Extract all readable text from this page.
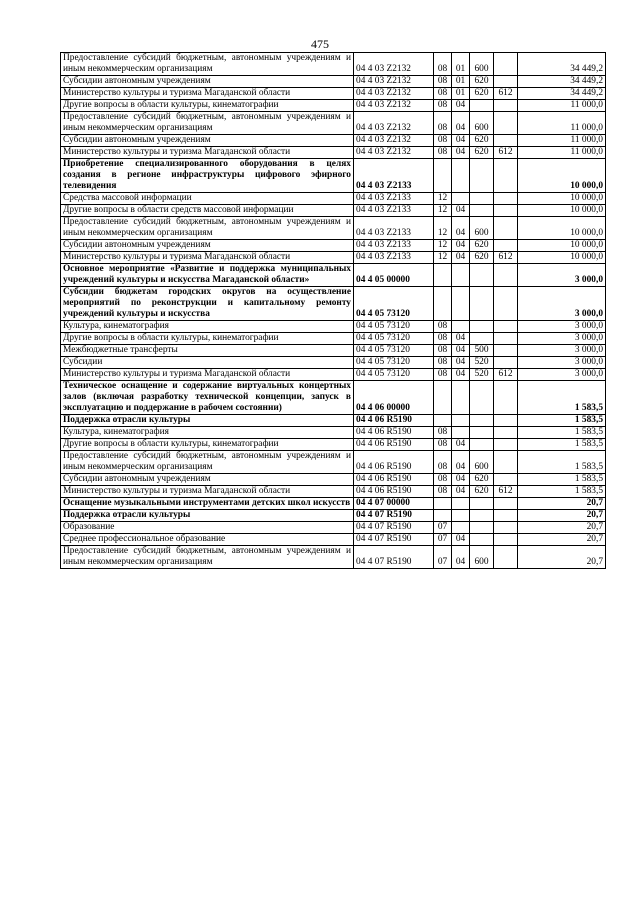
475
Предоставление субсидий бюджетным, автономным учреждениям и иным некоммерческим организациям	04 4 03 Z2132	08	01	600		34 449,2
Субсидии автономным учреждениям	04 4 03 Z2132	08	01	620		34 449,2
Министерство культуры и туризма Магаданской области	04 4 03 Z2132	08	01	620	612	34 449,2
Другие вопросы в области культуры, кинематографии	04 4 03 Z2132	08	04			11 000,0
Предоставление субсидий бюджетным, автономным учреждениям и иным некоммерческим организациям	04 4 03 Z2132	08	04	600		11 000,0
Субсидии автономным учреждениям	04 4 03 Z2132	08	04	620		11 000,0
Министерство культуры и туризма Магаданской области	04 4 03 Z2132	08	04	620	612	11 000,0
Приобретение специализированного оборудования в целях создания в регионе инфраструктуры цифрового эфирного телевидения	04 4 03 Z2133					10 000,0
Средства массовой информации	04 4 03 Z2133	12				10 000,0
Другие вопросы в области средств массовой информации	04 4 03 Z2133	12	04			10 000,0
Предоставление субсидий бюджетным, автономным учреждениям и иным некоммерческим организациям	04 4 03 Z2133	12	04	600		10 000,0
Субсидии автономным учреждениям	04 4 03 Z2133	12	04	620		10 000,0
Министерство культуры и туризма Магаданской области	04 4 03 Z2133	12	04	620	612	10 000,0
Основное мероприятие «Развитие и поддержка муниципальных учреждений культуры и искусства Магаданской области»	04 4 05 00000					3 000,0
Субсидии бюджетам городских округов на осуществление мероприятий по реконструкции и капитальному ремонту учреждений культуры и искусства	04 4 05 73120					3 000,0
Культура, кинематография	04 4 05 73120	08				3 000,0
Другие вопросы в области культуры, кинематографии	04 4 05 73120	08	04			3 000,0
Межбюджетные трансферты	04 4 05 73120	08	04	500		3 000,0
Субсидии	04 4 05 73120	08	04	520		3 000,0
Министерство культуры и туризма Магаданской области	04 4 05 73120	08	04	520	612	3 000,0
Техническое оснащение и содержание виртуальных концертных залов (включая разработку технической концепции, запуск в эксплуатацию и поддержание в рабочем состоянии)	04 4 06 00000					1 583,5
Поддержка отрасли культуры	04 4 06 R5190					1 583,5
Культура, кинематография	04 4 06 R5190	08				1 583,5
Другие вопросы в области культуры, кинематографии	04 4 06 R5190	08	04			1 583,5
Предоставление субсидий бюджетным, автономным учреждениям и иным некоммерческим организациям	04 4 06 R5190	08	04	600		1 583,5
Субсидии автономным учреждениям	04 4 06 R5190	08	04	620		1 583,5
Министерство культуры и туризма Магаданской области	04 4 06 R5190	08	04	620	612	1 583,5
Оснащение музыкальными инструментами детских школ искусств	04 4 07 00000					20,7
Поддержка отрасли культуры	04 4 07 R5190					20,7
Образование	04 4 07 R5190	07				20,7
Среднее профессиональное образование	04 4 07 R5190	07	04			20,7
Предоставление субсидий бюджетным, автономным учреждениям и иным некоммерческим организациям	04 4 07 R5190	07	04	600		20,7
